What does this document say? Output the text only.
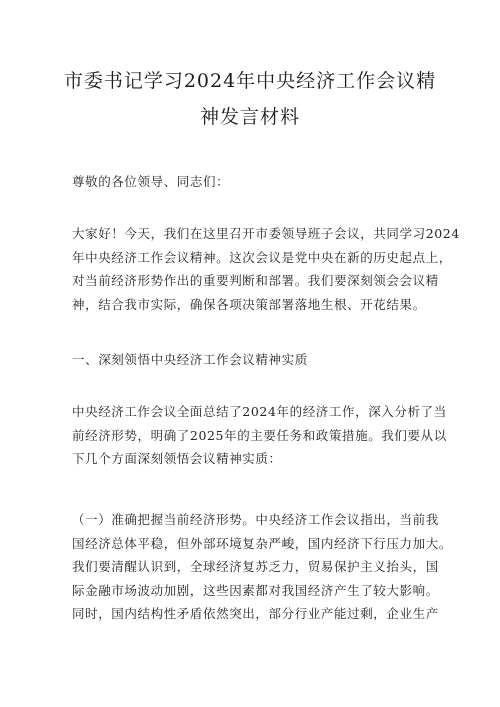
市委书记学习2024年中央经济工作会议精
神发言材料
尊敬的各位领导、同志们：
大家好！今天，我们在这里召开市委领导班子会议，共同学习2024
年中央经济工作会议精神。这次会议是党中央在新的历史起点上，
对当前经济形势作出的重要判断和部署。我们要深刻领会会议精
神，结合我市实际，确保各项决策部署落地生根、开花结果。
一、深刻领悟中央经济工作会议精神实质
中央经济工作会议全面总结了2024年的经济工作，深入分析了当
前经济形势，明确了2025年的主要任务和政策措施。我们要从以
下几个方面深刻领悟会议精神实质：
（一）准确把握当前经济形势。中央经济工作会议指出，当前我
国经济总体平稳，但外部环境复杂严峻，国内经济下行压力加大。
我们要清醒认识到，全球经济复苏乏力，贸易保护主义抬头，国
际金融市场波动加剧，这些因素都对我国经济产生了较大影响。
同时，国内结构性矛盾依然突出，部分行业产能过剩，企业生产
